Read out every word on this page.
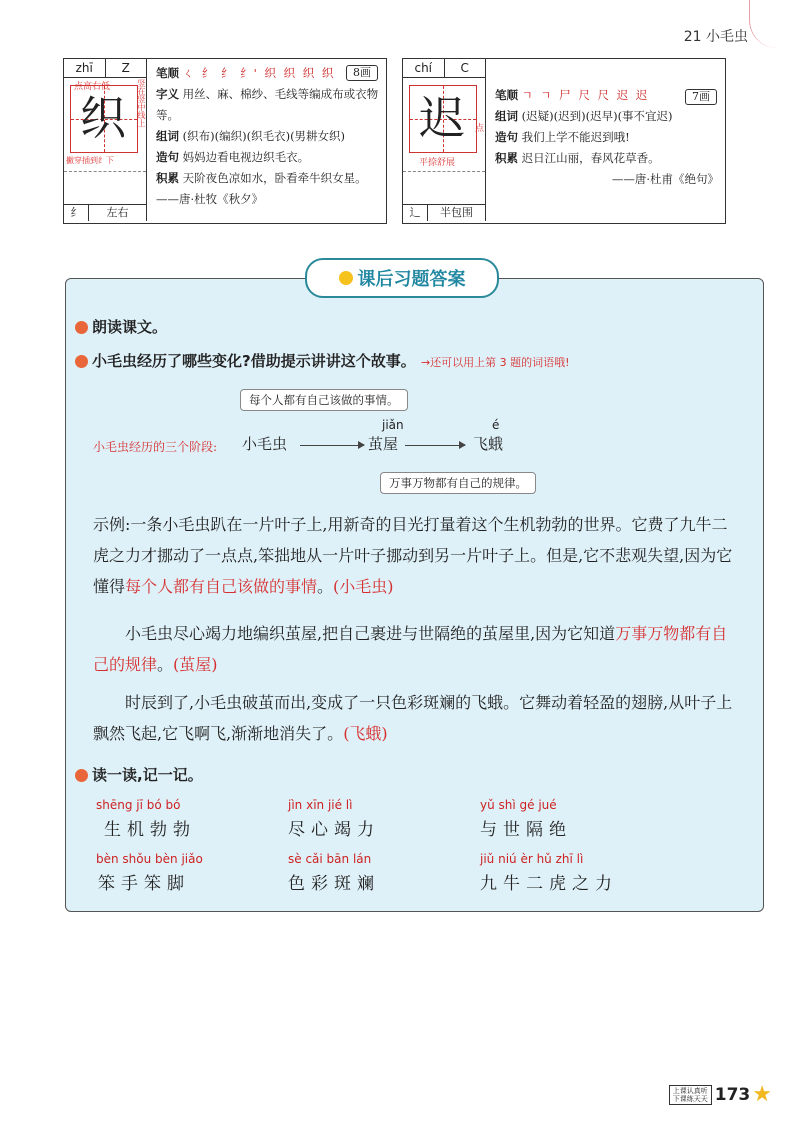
21 小毛虫
zhī	Z
点高右低
织	竖在竖中线上
撇穿插到纟下
纟	左右
笔顺 ㄑ 纟 纟 纟' 织 织 织 织
字义 用丝、麻、棉纱、毛线等编成布或衣物等。
组词 (织布)(编织)(织毛衣)(男耕女织)
造句 妈妈边看电视边织毛衣。
积累 天阶夜色凉如水，卧看牵牛织女星。——唐·杜牧《秋夕》
8画	chí	C
迟	点
平捺舒展
辶	半包围
笔顺 ㄱ ㄱ 尸 尺 尺 迟 迟
组词 (迟疑)(迟到)(迟早)(事不宜迟)
造句 我们上学不能迟到哦!
积累 迟日江山丽，春风花草香。
——唐·杜甫《绝句》
7画
课后习题答案
朗读课文。
小毛虫经历了哪些变化?借助提示讲讲这个故事。 →还可以用上第 3 题的词语哦!
每个人都有自己该做的事情。
小毛虫经历的三个阶段: 小毛虫
jiǎn
茧屋
é
飞蛾
万事万物都有自己的规律。
示例:一条小毛虫趴在一片叶子上,用新奇的目光打量着这个生机勃勃的世界。它费了九牛二虎之力才挪动了一点点,笨拙地从一片叶子挪动到另一片叶子上。但是,它不悲观失望,因为它懂得每个人都有自己该做的事情。(小毛虫)
小毛虫尽心竭力地编织茧屋,把自己裹进与世隔绝的茧屋里,因为它知道万事万物都有自己的规律。(茧屋)
时辰到了,小毛虫破茧而出,变成了一只色彩斑斓的飞蛾。它舞动着轻盈的翅膀,从叶子上飘然飞起,它飞啊飞,渐渐地消失了。(飞蛾)
读一读,记一记。
shēng jī bó bó
生机勃勃
jìn xīn jié lì
尽心竭力
yǔ shì gé jué
与世隔绝
bèn shǒu bèn jiǎo
笨手笨脚
sè cǎi bān lán
色彩斑斓
jiǔ niú èr hǔ zhī lì
九牛二虎之力
上课认真听
下课练天天 173 ★
